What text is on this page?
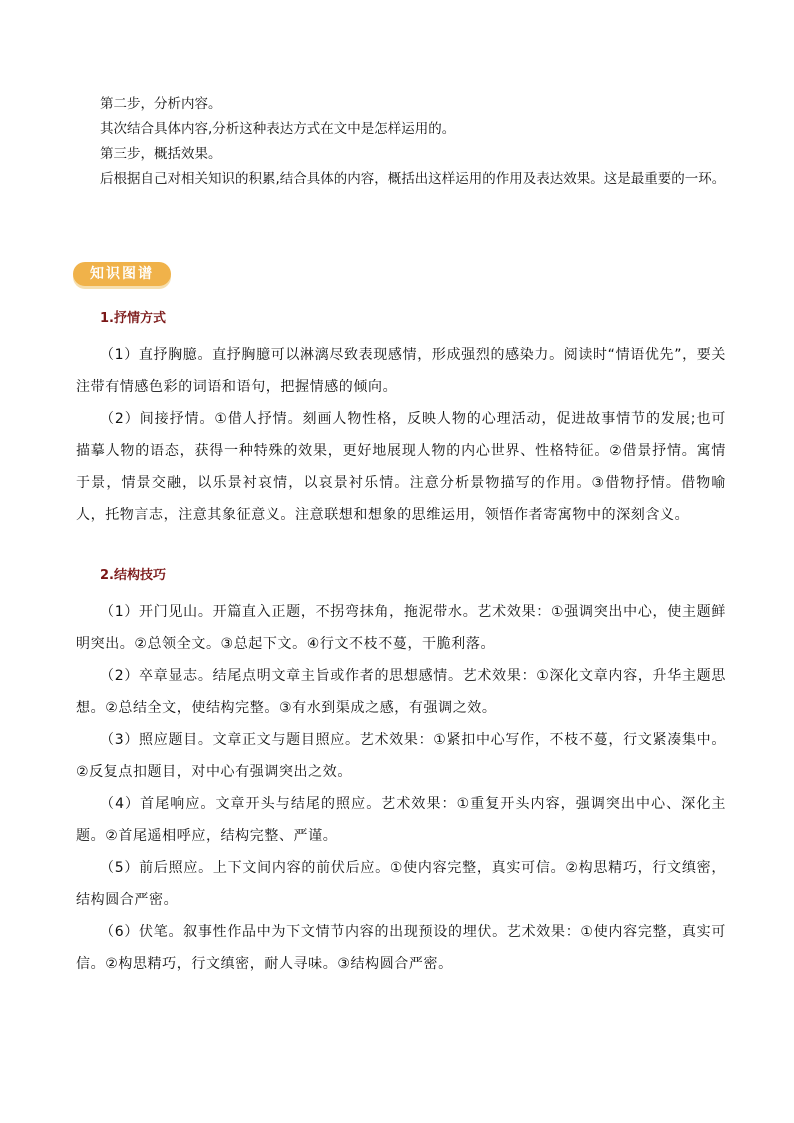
第二步，分析内容。

其次结合具体内容,分析这种表达方式在文中是怎样运用的。

第三步，概括效果。

后根据自己对相关知识的积累,结合具体的内容，概括出这样运用的作用及表达效果。这是最重要的一环。

知识图谱

1.抒情方式

（1）直抒胸臆。直抒胸臆可以淋漓尽致表现感情，形成强烈的感染力。阅读时“情语优先”，要关注带有情感色彩的词语和语句，把握情感的倾向。

（2）间接抒情。①借人抒情。刻画人物性格，反映人物的心理活动，促进故事情节的发展;也可描摹人物的语态，获得一种特殊的效果，更好地展现人物的内心世界、性格特征。②借景抒情。寓情于景，情景交融，以乐景衬哀情，以哀景衬乐情。注意分析景物描写的作用。③借物抒情。借物喻人，托物言志，注意其象征意义。注意联想和想象的思维运用，领悟作者寄寓物中的深刻含义。

2.结构技巧

（1）开门见山。开篇直入正题，不拐弯抹角，拖泥带水。艺术效果：①强调突出中心，使主题鲜明突出。②总领全文。③总起下文。④行文不枝不蔓，干脆利落。

（2）卒章显志。结尾点明文章主旨或作者的思想感情。艺术效果：①深化文章内容，升华主题思想。②总结全文，使结构完整。③有水到渠成之感，有强调之效。

（3）照应题目。文章正文与题目照应。艺术效果：①紧扣中心写作，不枝不蔓，行文紧凑集中。②反复点扣题目，对中心有强调突出之效。

（4）首尾响应。文章开头与结尾的照应。艺术效果：①重复开头内容，强调突出中心、深化主题。②首尾遥相呼应，结构完整、严谨。

（5）前后照应。上下文间内容的前伏后应。①使内容完整，真实可信。②构思精巧，行文缜密，结构圆合严密。

（6）伏笔。叙事性作品中为下文情节内容的出现预设的埋伏。艺术效果：①使内容完整，真实可信。②构思精巧，行文缜密，耐人寻味。③结构圆合严密。
